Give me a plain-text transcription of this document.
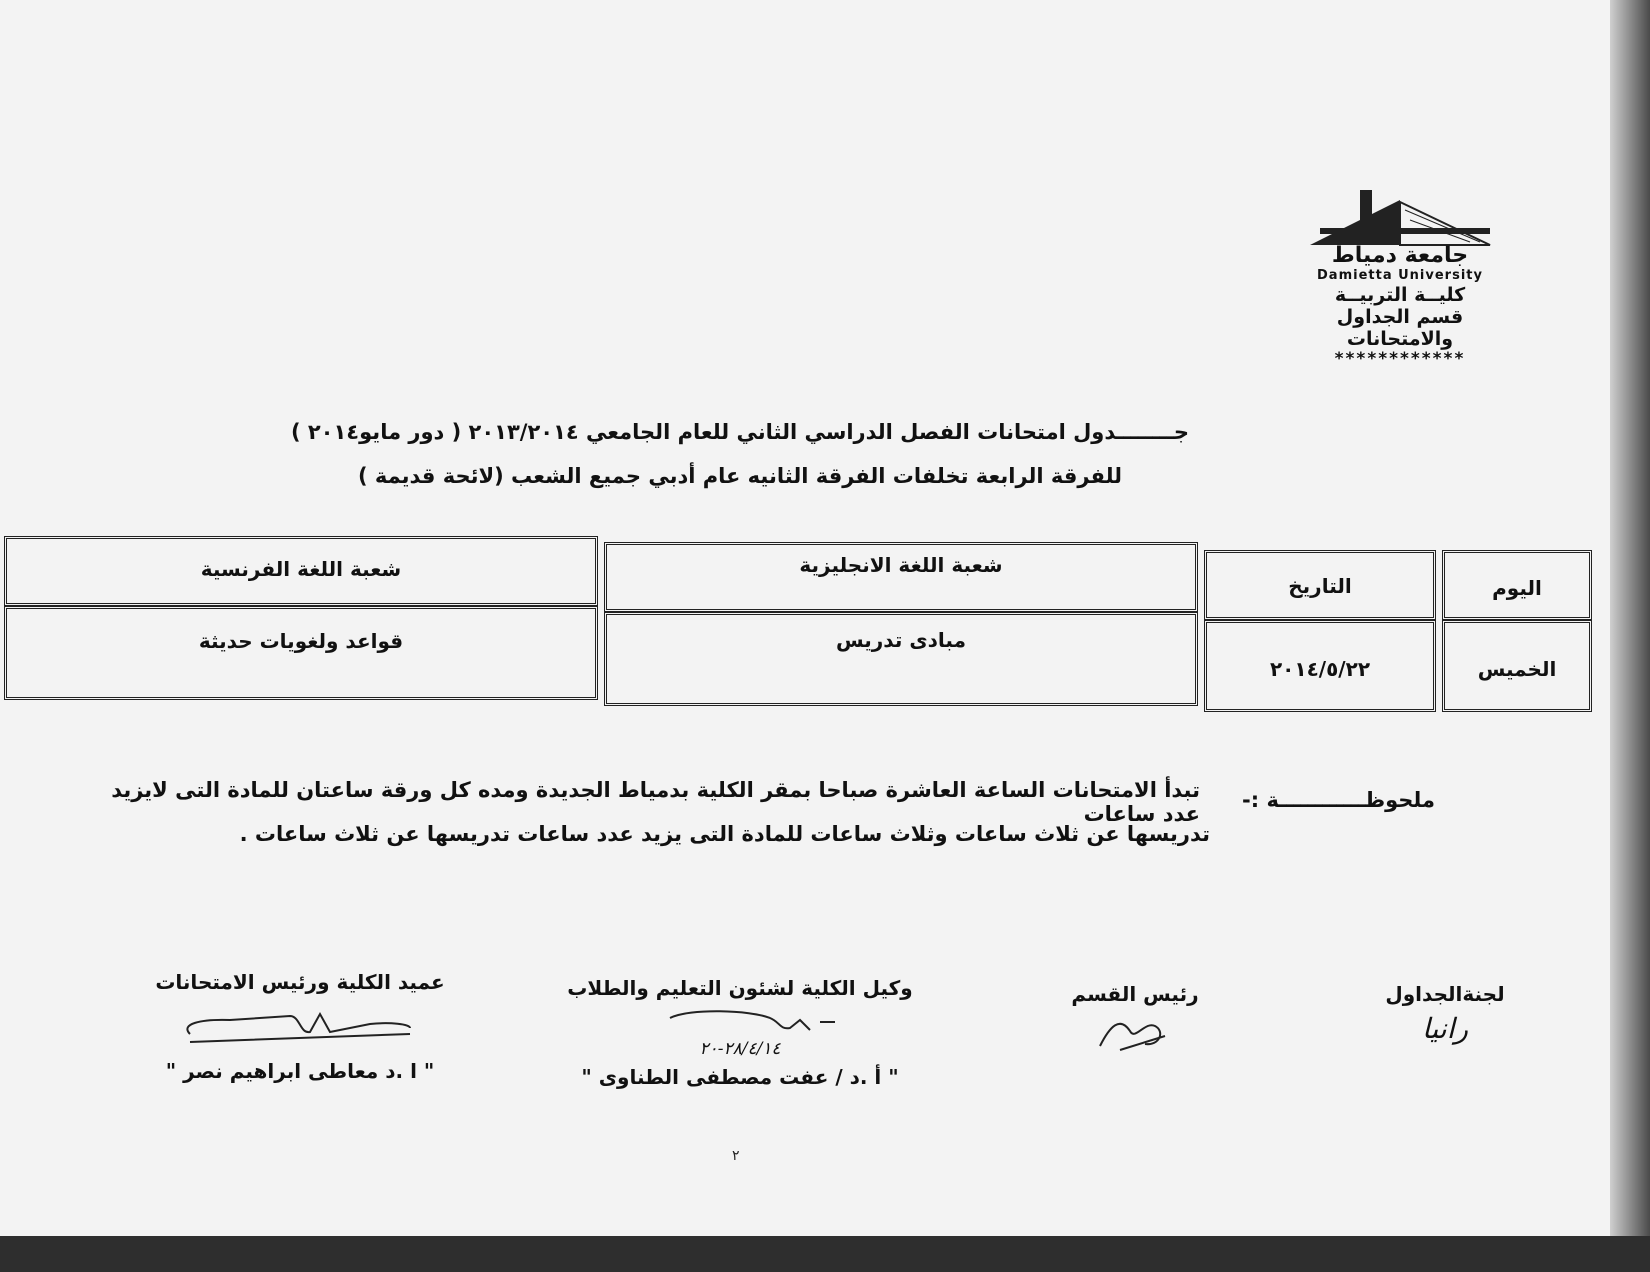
جامعة دمياط
Damietta University
كليــة التربيــة
قسم الجداول والامتحانات
************
جــــــــدول امتحانات الفصل الدراسي الثاني للعام الجامعي ٢٠١٣/٢٠١٤ ( دور مايو٢٠١٤ )
للفرقة الرابعة تخلفات الفرقة الثانيه عام أدبي جميع الشعب (لائحة قديمة )
اليوم
التاريخ
شعبة اللغة الانجليزية
شعبة اللغة الفرنسية
الخميس
٢٠١٤/٥/٢٢
مبادى تدريس
قواعد ولغويات حديثة
ملحوظــــــــــــة :-
تبدأ الامتحانات الساعة العاشرة صباحا بمقر الكلية بدمياط الجديدة ومده كل ورقة ساعتان للمادة التى لايزيد عدد ساعات
تدريسها عن ثلاث ساعات وثلاث ساعات للمادة التى يزيد عدد ساعات تدريسها عن ثلاث ساعات .
لجنةالجداول
رانيا
رئيس القسم
وكيل الكلية لشئون التعليم والطلاب
٢٨/٤/١٤-٢٠
" أ .د / عفت مصطفى الطناوى "
عميد الكلية ورئيس الامتحانات
" ا .د معاطى ابراهيم نصر "
٢
